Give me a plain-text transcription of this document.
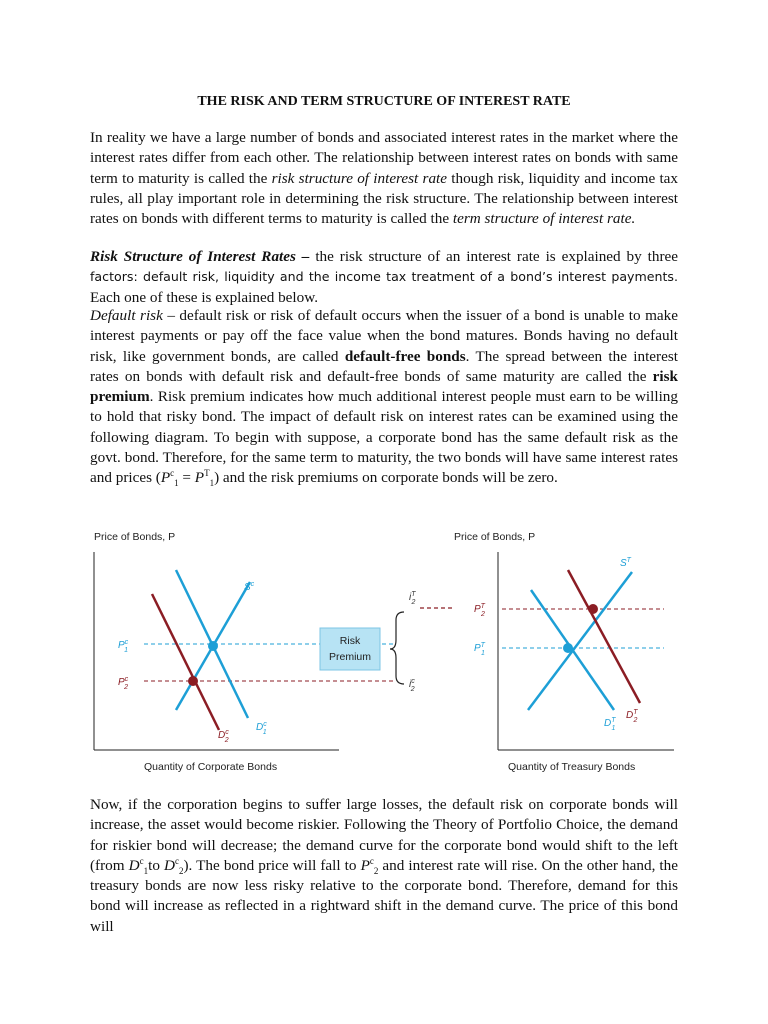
THE RISK AND TERM STRUCTURE OF INTEREST RATE

In reality we have a large number of bonds and associated interest rates in the market where the interest rates differ from each other. The relationship between interest rates on bonds with same term to maturity is called the risk structure of interest rate though risk, liquidity and income tax rules, all play important role in determining the risk structure. The relationship between interest rates on bonds with different terms to maturity is called the term structure of interest rate.

Risk Structure of Interest Rates – the risk structure of an interest rate is explained by three factors: default risk, liquidity and the income tax treatment of a bond’s interest payments. Each one of these is explained below.

Default risk – default risk or risk of default occurs when the issuer of a bond is unable to make interest payments or pay off the face value when the bond matures. Bonds having no default risk, like government bonds, are called default-free bonds. The spread between the interest rates on bonds with default risk and default-free bonds of same maturity are called the risk premium. Risk premium indicates how much additional interest people must earn to be willing to hold that risky bond. The impact of default risk on interest rates can be examined using the following diagram. To begin with suppose, a corporate bond has the same default risk as the govt. bond. Therefore, for the same term to maturity, the two bonds will have same interest rates and prices $(P^c_1 = P^T_1)$ and the risk premiums on corporate bonds will be zero.

Price of Bonds, P
Quantity of Corporate Bonds
$S^c$
$D^c$ 1
$D^c$ 2
$P^c$ 1
$P^c$ 2
Risk
Premium
$i^T$ 2
$i^c$ 2
Price of Bonds, P
Quantity of Treasury Bonds
$S^T$
$D^T$ 1
$D^T$ 2
$P^T$ 2
$P^T$ 1

Now, if the corporation begins to suffer large losses, the default risk on corporate bonds will increase, the asset would become riskier. Following the Theory of Portfolio Choice, the demand for riskier bond will decrease; the demand curve for the corporate bond would shift to the left (from $D^c_1to$ $D^c_2$). The bond price will fall to $P^c_2$ and interest rate will rise. On the other hand, the treasury bonds are now less risky relative to the corporate bond. Therefore, demand for this bond will increase as reflected in a rightward shift in the demand curve. The price of this bond will
